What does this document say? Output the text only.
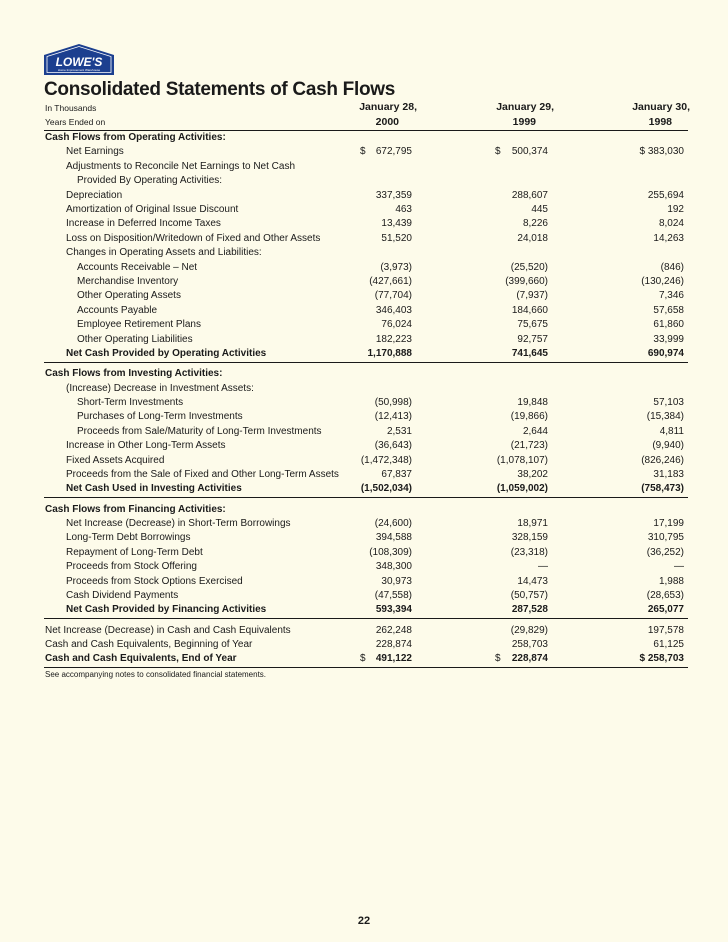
LOWE'S
Home Improvement Warehouse
Consolidated Statements of Cash Flows
In Thousands
Years Ended on
January 28,
2000
January 29,
1999
January 30,
1998
Cash Flows from Operating Activities:
Net Earnings	$	672,795	$	500,374	$ 383,030
Adjustments to Reconcile Net Earnings to Net Cash
Provided By Operating Activities:
Depreciation	337,359	288,607	255,694
Amortization of Original Issue Discount	463	445	192
Increase in Deferred Income Taxes	13,439	8,226	8,024
Loss on Disposition/Writedown of Fixed and Other Assets	51,520	24,018	14,263
Changes in Operating Assets and Liabilities:
Accounts Receivable – Net	(3,973)	(25,520)	(846)
Merchandise Inventory	(427,661)	(399,660)	(130,246)
Other Operating Assets	(77,704)	(7,937)	7,346
Accounts Payable	346,403	184,660	57,658
Employee Retirement Plans	76,024	75,675	61,860
Other Operating Liabilities	182,223	92,757	33,999
Net Cash Provided by Operating Activities	1,170,888	741,645	690,974
Cash Flows from Investing Activities:
(Increase) Decrease in Investment Assets:
Short-Term Investments	(50,998)	19,848	57,103
Purchases of Long-Term Investments	(12,413)	(19,866)	(15,384)
Proceeds from Sale/Maturity of Long-Term Investments	2,531	2,644	4,811
Increase in Other Long-Term Assets	(36,643)	(21,723)	(9,940)
Fixed Assets Acquired	(1,472,348)	(1,078,107)	(826,246)
Proceeds from the Sale of Fixed and Other Long-Term Assets	67,837	38,202	31,183
Net Cash Used in Investing Activities	(1,502,034)	(1,059,002)	(758,473)
Cash Flows from Financing Activities:
Net Increase (Decrease) in Short-Term Borrowings	(24,600)	18,971	17,199
Long-Term Debt Borrowings	394,588	328,159	310,795
Repayment of Long-Term Debt	(108,309)	(23,318)	(36,252)
Proceeds from Stock Offering	348,300	—	—
Proceeds from Stock Options Exercised	30,973	14,473	1,988
Cash Dividend Payments	(47,558)	(50,757)	(28,653)
Net Cash Provided by Financing Activities	593,394	287,528	265,077
Net Increase (Decrease) in Cash and Cash Equivalents	262,248	(29,829)	197,578
Cash and Cash Equivalents, Beginning of Year	228,874	258,703	61,125
Cash and Cash Equivalents, End of Year	$	491,122	$	228,874	$ 258,703
See accompanying notes to consolidated financial statements.
22
